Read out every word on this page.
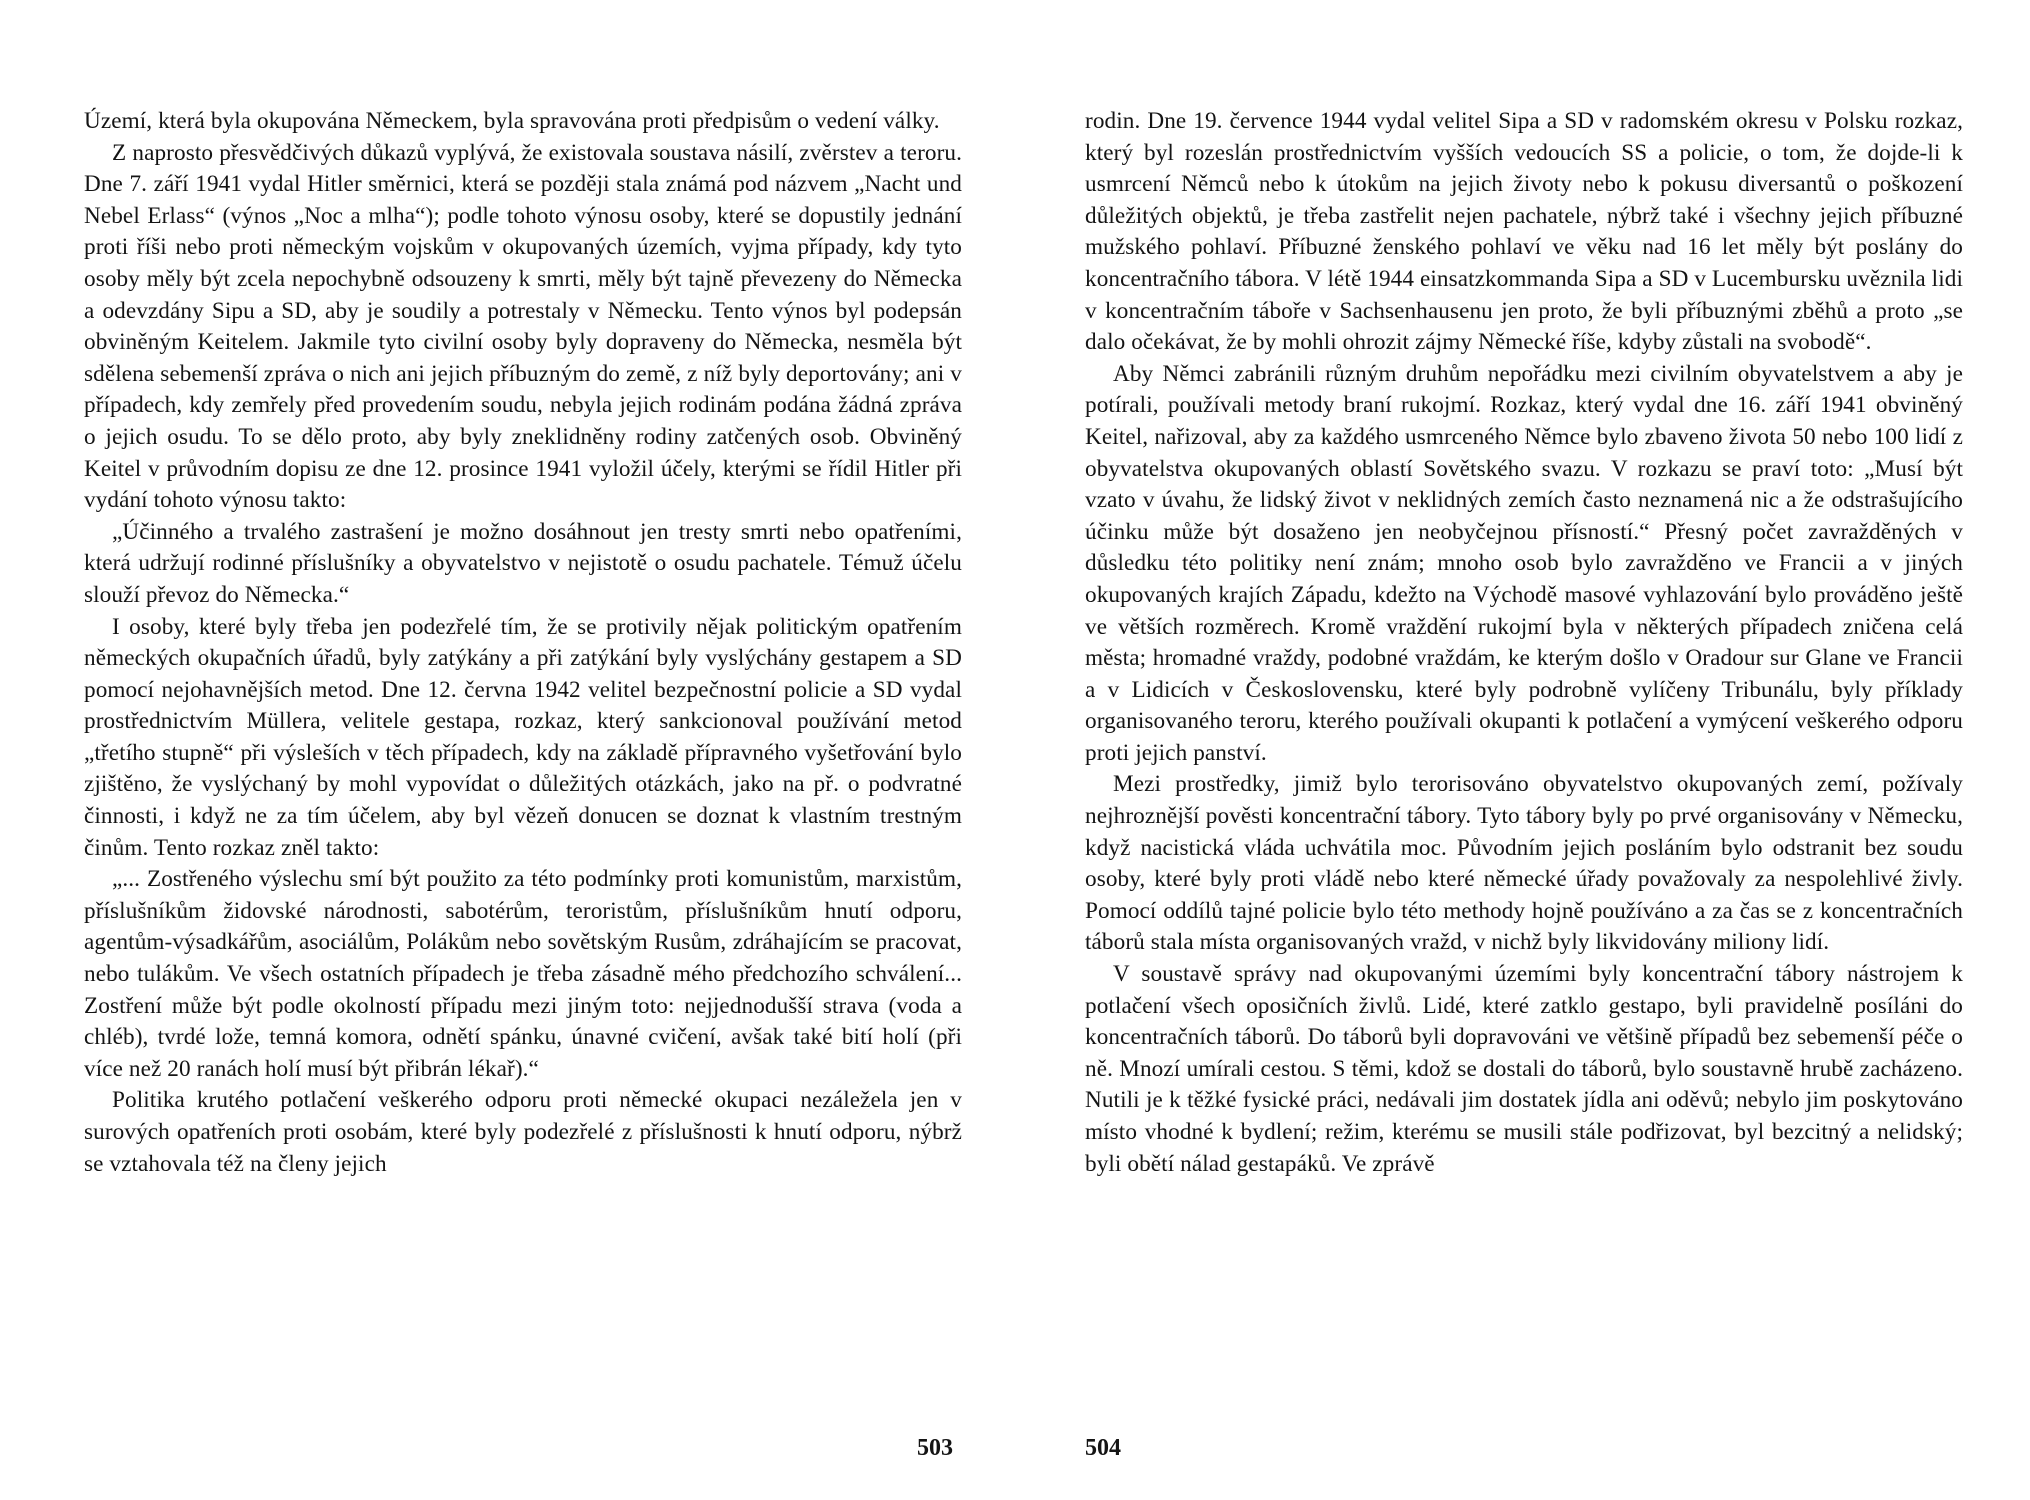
Území, která byla okupována Německem, byla spravována proti předpisům o vedení války.

Z naprosto přesvědčivých důkazů vyplývá, že existovala soustava násilí, zvěrstev a teroru. Dne 7. září 1941 vydal Hitler směrnici, která se později stala známá pod názvem „Nacht und Nebel Erlass“ (výnos „Noc a mlha“); podle tohoto výnosu osoby, které se dopustily jednání proti říši nebo proti německým vojskům v okupovaných územích, vyjma případy, kdy tyto osoby měly být zcela nepochybně odsouzeny k smrti, měly být tajně převezeny do Německa a odevzdány Sipu a SD, aby je soudily a potrestaly v Německu. Tento výnos byl podepsán obviněným Keitelem. Jakmile tyto civilní osoby byly dopraveny do Německa, nesměla být sdělena sebemenší zpráva o nich ani jejich příbuzným do země, z níž byly deportovány; ani v případech, kdy zemřely před provedením soudu, nebyla jejich rodinám podána žádná zpráva o jejich osudu. To se dělo proto, aby byly zneklidněny rodiny zatčených osob. Obviněný Keitel v průvodním dopisu ze dne 12. prosince 1941 vyložil účely, kterými se řídil Hitler při vydání tohoto výnosu takto:

„Účinného a trvalého zastrašení je možno dosáhnout jen tresty smrti nebo opatřeními, která udržují rodinné příslušníky a obyvatelstvo v nejistotě o osudu pachatele. Témuž účelu slouží převoz do Německa.“

I osoby, které byly třeba jen podezřelé tím, že se protivily nějak politickým opatřením německých okupačních úřadů, byly zatýkány a při zatýkání byly vyslýchány gestapem a SD pomocí nejohavnějších metod. Dne 12. června 1942 velitel bezpečnostní policie a SD vydal prostřednictvím Müllera, velitele gestapa, rozkaz, který sankcionoval používání metod „třetího stupně“ při výsleších v těch případech, kdy na základě přípravného vyšetřování bylo zjištěno, že vyslýchaný by mohl vypovídat o důležitých otázkách, jako na př. o podvratné činnosti, i když ne za tím účelem, aby byl vězeň donucen se doznat k vlastním trestným činům. Tento rozkaz zněl takto:

„... Zostřeného výslechu smí být použito za této podmínky proti komunistům, marxistům, příslušníkům židovské národnosti, sabotérům, teroristům, příslušníkům hnutí odporu, agentům-výsadkářům, asociálům, Polákům nebo sovětským Rusům, zdráhajícím se pracovat, nebo tulákům. Ve všech ostatních případech je třeba zásadně mého předchozího schválení... Zostření může být podle okolností případu mezi jiným toto: nejjednodušší strava (voda a chléb), tvrdé lože, temná komora, odnětí spánku, únavné cvičení, avšak také bití holí (při více než 20 ranách holí musí být přibrán lékař).“

Politika krutého potlačení veškerého odporu proti německé okupaci nezáležela jen v surových opatřeních proti osobám, které byly podezřelé z příslušnosti k hnutí odporu, nýbrž se vztahovala též na členy jejich

rodin. Dne 19. července 1944 vydal velitel Sipa a SD v radomském okresu v Polsku rozkaz, který byl rozeslán prostřednictvím vyšších vedoucích SS a policie, o tom, že dojde-li k usmrcení Němců nebo k útokům na jejich životy nebo k pokusu diversantů o poškození důležitých objektů, je třeba zastřelit nejen pachatele, nýbrž také i všechny jejich příbuzné mužského pohlaví. Příbuzné ženského pohlaví ve věku nad 16 let měly být poslány do koncentračního tábora. V létě 1944 einsatzkommanda Sipa a SD v Lucembursku uvěznila lidi v koncentračním táboře v Sachsenhausenu jen proto, že byli příbuznými zběhů a proto „se dalo očekávat, že by mohli ohrozit zájmy Německé říše, kdyby zůstali na svobodě“.

Aby Němci zabránili různým druhům nepořádku mezi civilním obyvatelstvem a aby je potírali, používali metody braní rukojmí. Rozkaz, který vydal dne 16. září 1941 obviněný Keitel, nařizoval, aby za každého usmrceného Němce bylo zbaveno života 50 nebo 100 lidí z obyvatelstva okupovaných oblastí Sovětského svazu. V rozkazu se praví toto: „Musí být vzato v úvahu, že lidský život v neklidných zemích často neznamená nic a že odstrašujícího účinku může být dosaženo jen neobyčejnou přísností.“ Přesný počet zavražděných v důsledku této politiky není znám; mnoho osob bylo zavražděno ve Francii a v jiných okupovaných krajích Západu, kdežto na Východě masové vyhlazování bylo prováděno ještě ve větších rozměrech. Kromě vraždění rukojmí byla v některých případech zničena celá města; hromadné vraždy, podobné vraždám, ke kterým došlo v Oradour sur Glane ve Francii a v Lidicích v Československu, které byly podrobně vylíčeny Tribunálu, byly příklady organisovaného teroru, kterého používali okupanti k potlačení a vymýcení veškerého odporu proti jejich panství.

Mezi prostředky, jimiž bylo terorisováno obyvatelstvo okupovaných zemí, požívaly nejhroznější pověsti koncentrační tábory. Tyto tábory byly po prvé organisovány v Německu, když nacistická vláda uchvátila moc. Původním jejich posláním bylo odstranit bez soudu osoby, které byly proti vládě nebo které německé úřady považovaly za nespolehlivé živly. Pomocí oddílů tajné policie bylo této methody hojně používáno a za čas se z koncentračních táborů stala místa organisovaných vražd, v nichž byly likvidovány miliony lidí.

V soustavě správy nad okupovanými územími byly koncentrační tábory nástrojem k potlačení všech oposičních živlů. Lidé, které zatklo gestapo, byli pravidelně posíláni do koncentračních táborů. Do táborů byli dopravováni ve většině případů bez sebemenší péče o ně. Mnozí umírali cestou. S těmi, kdož se dostali do táborů, bylo soustavně hrubě zacházeno. Nutili je k těžké fysické práci, nedávali jim dostatek jídla ani oděvů; nebylo jim poskytováno místo vhodné k bydlení; režim, kterému se musili stále podřizovat, byl bezcitný a nelidský; byli obětí nálad gestapáků. Ve zprávě

503	504
